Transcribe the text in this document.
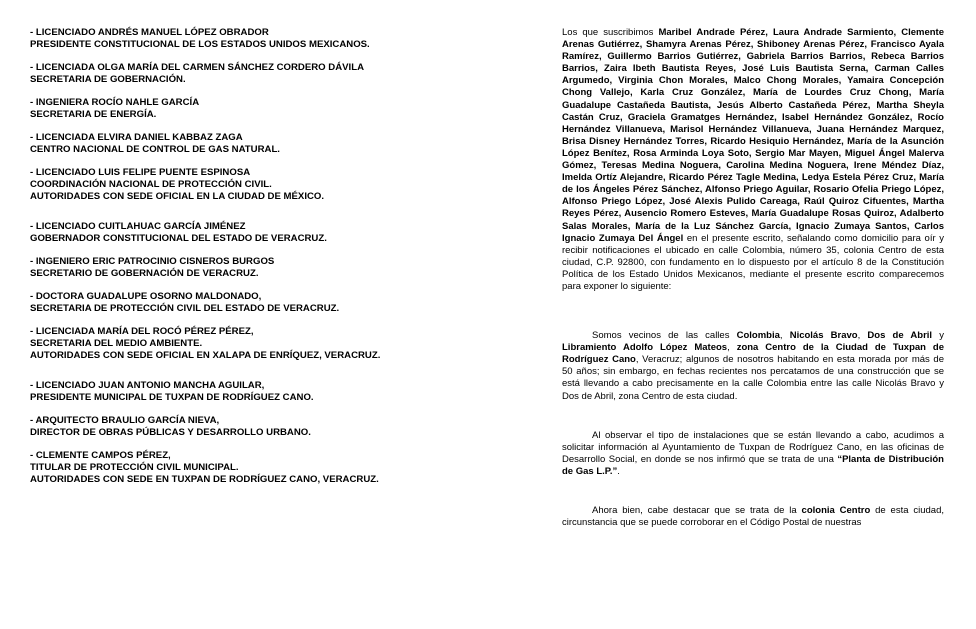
- LICENCIADO ANDRÉS MANUEL LÓPEZ OBRADOR
PRESIDENTE CONSTITUCIONAL DE LOS ESTADOS UNIDOS MEXICANOS.
- LICENCIADA OLGA MARÍA DEL CARMEN SÁNCHEZ CORDERO DÁVILA
SECRETARIA DE GOBERNACIÓN.
- INGENIERA ROCÍO NAHLE GARCÍA
SECRETARIA DE ENERGÍA.
- LICENCIADA ELVIRA DANIEL KABBAZ ZAGA
CENTRO NACIONAL DE CONTROL DE GAS NATURAL.
- LICENCIADO LUIS FELIPE PUENTE ESPINOSA
COORDINACIÓN NACIONAL DE PROTECCIÓN CIVIL.
AUTORIDADES CON SEDE OFICIAL EN LA CIUDAD DE MÉXICO.
- LICENCIADO CUITLAHUAC GARCÍA JIMÉNEZ
GOBERNADOR CONSTITUCIONAL DEL ESTADO DE VERACRUZ.
- INGENIERO ERIC PATROCINIO CISNEROS BURGOS
SECRETARIO DE GOBERNACIÓN DE VERACRUZ.
- DOCTORA GUADALUPE OSORNO MALDONADO,
SECRETARIA DE PROTECCIÓN CIVIL DEL ESTADO DE VERACRUZ.
- LICENCIADA MARÍA DEL ROCÓ PÉREZ PÉREZ,
SECRETARIA DEL MEDIO AMBIENTE.
AUTORIDADES CON SEDE OFICIAL EN XALAPA DE ENRÍQUEZ, VERACRUZ.
- LICENCIADO JUAN ANTONIO MANCHA AGUILAR,
PRESIDENTE MUNICIPAL DE TUXPAN DE RODRÍGUEZ CANO.
- ARQUITECTO BRAULIO GARCÍA NIEVA,
DIRECTOR DE OBRAS PÚBLICAS Y DESARROLLO URBANO.
- CLEMENTE CAMPOS PÉREZ,
TITULAR DE PROTECCIÓN CIVIL MUNICIPAL.
AUTORIDADES CON SEDE EN TUXPAN DE RODRÍGUEZ CANO, VERACRUZ.

Los que suscribimos Maribel Andrade Pérez, Laura Andrade Sarmiento, Clemente Arenas Gutiérrez, Shamyra Arenas Pérez, Shiboney Arenas Pérez, Francisco Ayala Ramírez, Guillermo Barrios Gutiérrez, Gabriela Barrios Barrios, Rebeca Barrios Barrios, Zaira Ibeth Bautista Reyes, José Luis Bautista Serna, Carman Calles Argumedo, Virginia Chon Morales, Malco Chong Morales, Yamaira Concepción Chong Vallejo, Karla Cruz González, María de Lourdes Cruz Chong, María Guadalupe Castañeda Bautista, Jesús Alberto Castañeda Pérez, Martha Sheyla Castán Cruz, Graciela Gramatges Hernández, Isabel Hernández González, Rocío Hernández Villanueva, Marisol Hernández Villanueva, Juana Hernández Marquez, Brisa Disney Hernández Torres, Ricardo Hesiquio Hernández, María de la Asunción López Benítez, Rosa Arminda Loya Soto, Sergio Mar Mayen, Miguel Ángel Malerva Gómez, Teresas Medina Noguera, Carolina Medina Noguera, Irene Méndez Díaz, Imelda Ortíz Alejandre, Ricardo Pérez Tagle Medina, Ledya Estela Pérez Cruz, María de los Ángeles Pérez Sánchez, Alfonso Priego Aguilar, Rosario Ofelia Priego López, Alfonso Priego López, José Alexis Pulido Careaga, Raúl Quiroz Cifuentes, Martha Reyes Pérez, Ausencio Romero Esteves, María Guadalupe Rosas Quiroz, Adalberto Salas Morales, María de la Luz Sánchez García, Ignacio Zumaya Santos, Carlos Ignacio Zumaya Del Ángel en el presente escrito, señalando como domicilio para oír y recibir notificaciones el ubicado en calle Colombia, número 35, colonia Centro de esta ciudad, C.P. 92800, con fundamento en lo dispuesto por el artículo 8 de la Constitución Política de los Estado Unidos Mexicanos, mediante el presente escrito comparecemos para exponer lo siguiente:

Somos vecinos de las calles Colombia, Nicolás Bravo, Dos de Abril y Libramiento Adolfo López Mateos, zona Centro de la Ciudad de Tuxpan de Rodríguez Cano, Veracruz; algunos de nosotros habitando en esta morada por más de 50 años; sin embargo, en fechas recientes nos percatamos de una construcción que se está llevando a cabo precisamente en la calle Colombia entre las calle Nicolás Bravo y Dos de Abril, zona Centro de esta ciudad.

Al observar el tipo de instalaciones que se están llevando a cabo, acudimos a solicitar información al Ayuntamiento de Tuxpan de Rodríguez Cano, en las oficinas de Desarrollo Social, en donde se nos infirmó que se trata de una “Planta de Distribución de Gas L.P.”.

Ahora bien, cabe destacar que se trata de la colonia Centro de esta ciudad, circunstancia que se puede corroborar en el Código Postal de nuestras
